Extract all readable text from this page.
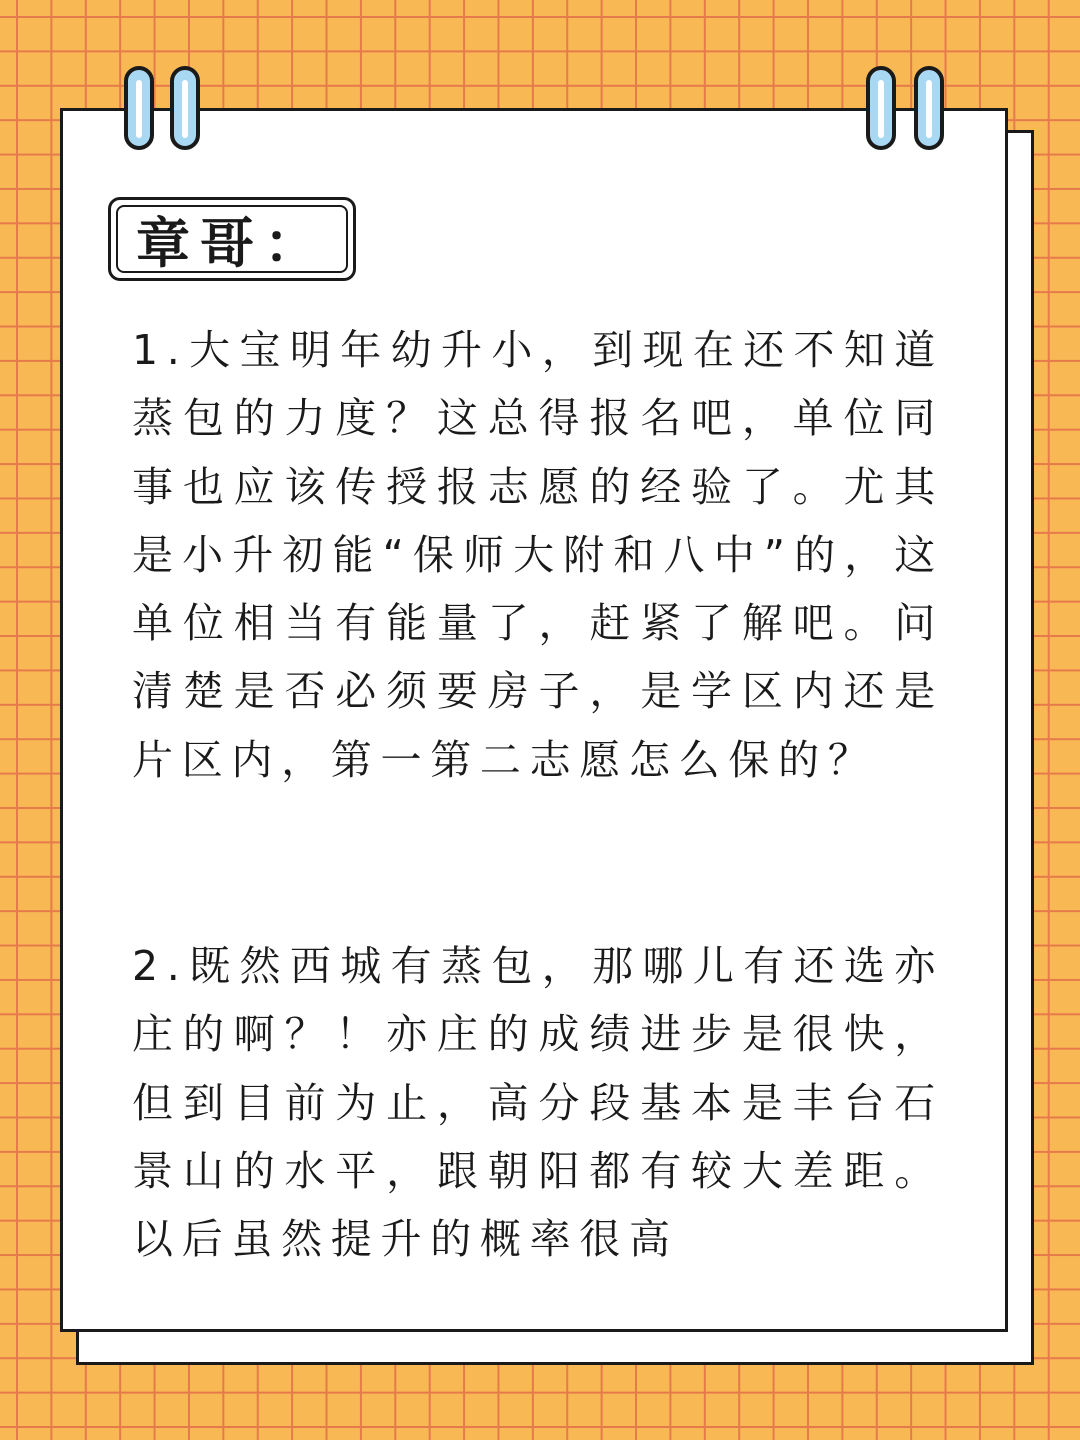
章哥：

1.大宝明年幼升小，到现在还不知道蒸包的力度？这总得报名吧，单位同事也应该传授报志愿的经验了。尤其是小升初能“保师大附和八中”的，这单位相当有能量了，赶紧了解吧。问清楚是否必须要房子，是学区内还是片区内，第一第二志愿怎么保的？

2.既然西城有蒸包，那哪儿有还选亦庄的啊？！亦庄的成绩进步是很快，但到目前为止，高分段基本是丰台石景山的水平，跟朝阳都有较大差距。以后虽然提升的概率很高
